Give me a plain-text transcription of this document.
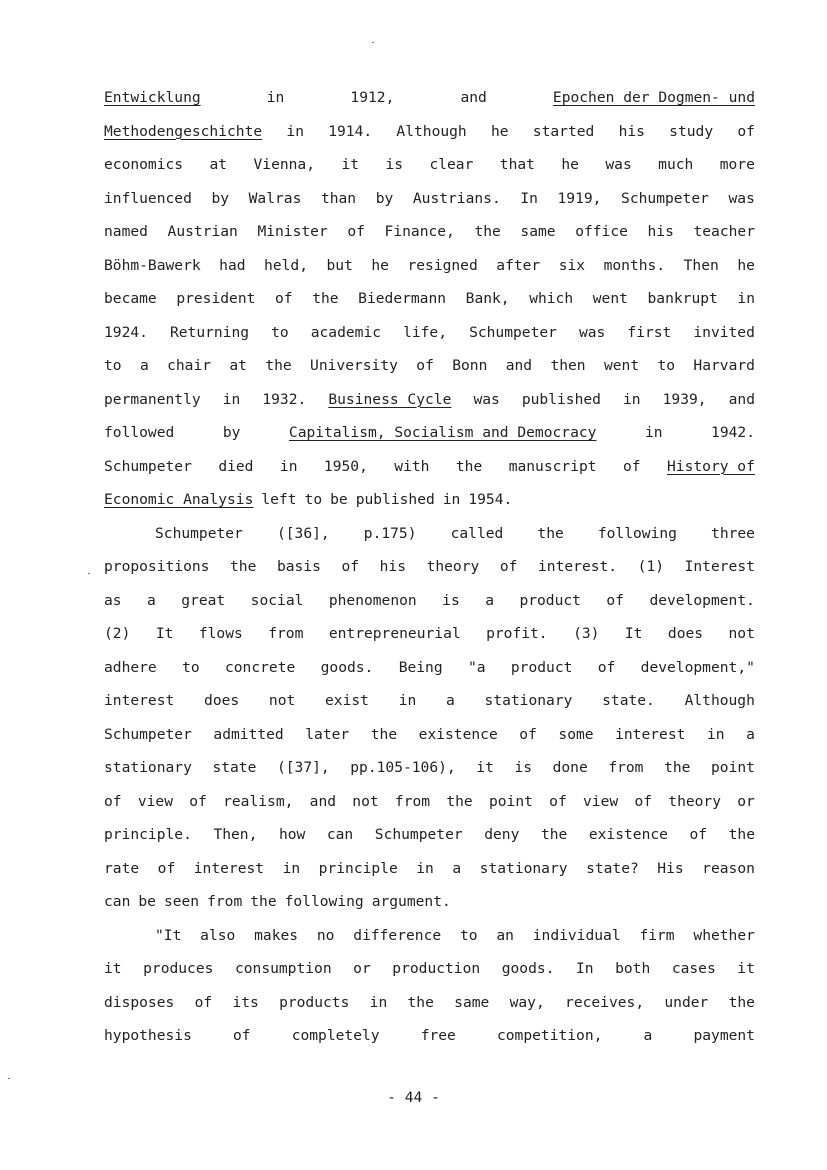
Entwicklung	in	1912,	and	Epochen der Dogmen- und
Methodengeschichte in 1914. Although he started his study of
economics at Vienna, it is clear that he was much more
influenced by Walras than by Austrians. In 1919, Schumpeter was
named Austrian Minister of Finance, the same office his teacher
Böhm-Bawerk had held, but he resigned after six months. Then he
became president of the Biedermann Bank, which went bankrupt in
1924. Returning to academic life, Schumpeter was first invited
to a chair at the University of Bonn and then went to Harvard
permanently in 1932. Business Cycle was published in 1939, and
followed	by	Capitalism, Socialism and Democracy	in	1942.
Schumpeter died in 1950, with the manuscript of History of
Economic Analysis left to be published in 1954.
Schumpeter ([36], p.175) called the following three
propositions the basis of his theory of interest. (1) Interest
as a great social phenomenon is a product of development.
(2) It flows from entrepreneurial profit. (3) It does not
adhere to concrete goods. Being "a product of development,"
interest does not exist in a stationary state. Although
Schumpeter admitted later the existence of some interest in a
stationary state ([37], pp.105-106), it is done from the point
of view of realism, and not from the point of view of theory or
principle. Then, how can Schumpeter deny the existence of the
rate of interest in principle in a stationary state? His reason
can be seen from the following argument.
"It also makes no difference to an individual firm whether
it produces consumption or production goods. In both cases it
disposes of its products in the same way, receives, under the
hypothesis	of	completely	free	competition,	a	payment
- 44 -
